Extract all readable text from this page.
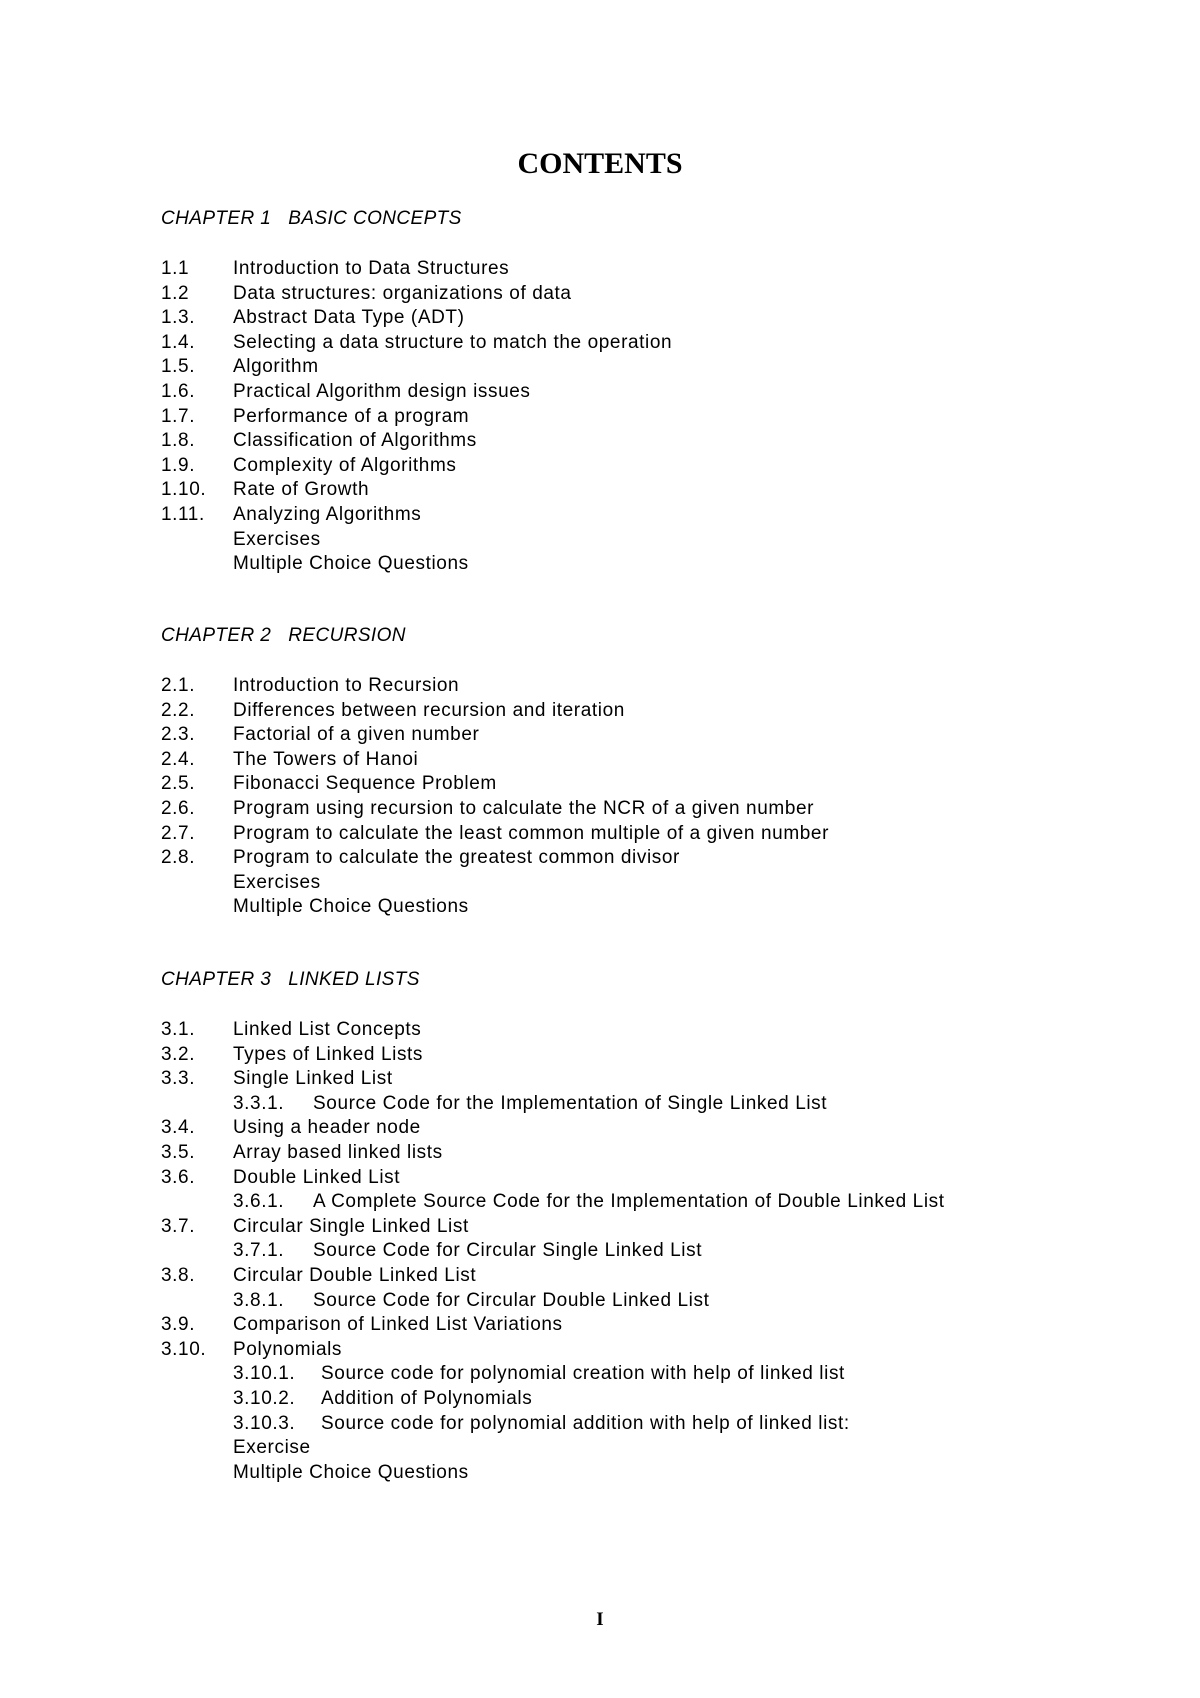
CONTENTS
CHAPTER 1   BASIC CONCEPTS
1.1 Introduction to Data Structures
1.2 Data structures: organizations of data
1.3. Abstract Data Type (ADT)
1.4. Selecting a data structure to match the operation
1.5. Algorithm
1.6. Practical Algorithm design issues
1.7. Performance of a program
1.8. Classification of Algorithms
1.9. Complexity of Algorithms
1.10. Rate of Growth
1.11. Analyzing Algorithms
Exercises
Multiple Choice Questions
CHAPTER 2   RECURSION
2.1. Introduction to Recursion
2.2. Differences between recursion and iteration
2.3. Factorial of a given number
2.4. The Towers of Hanoi
2.5. Fibonacci Sequence Problem
2.6. Program using recursion to calculate the NCR of a given number
2.7. Program to calculate the least common multiple of a given number
2.8. Program to calculate the greatest common divisor
Exercises
Multiple Choice Questions
CHAPTER 3   LINKED LISTS
3.1. Linked List Concepts
3.2. Types of Linked Lists
3.3. Single Linked List
3.3.1. Source Code for the Implementation of Single Linked List
3.4. Using a header node
3.5. Array based linked lists
3.6. Double Linked List
3.6.1. A Complete Source Code for the Implementation of Double Linked List
3.7. Circular Single Linked List
3.7.1. Source Code for Circular Single Linked List
3.8. Circular Double Linked List
3.8.1. Source Code for Circular Double Linked List
3.9. Comparison of Linked List Variations
3.10. Polynomials
3.10.1. Source code for polynomial creation with help of linked list
3.10.2. Addition of Polynomials
3.10.3. Source code for polynomial addition with help of linked list:
Exercise
Multiple Choice Questions
I
